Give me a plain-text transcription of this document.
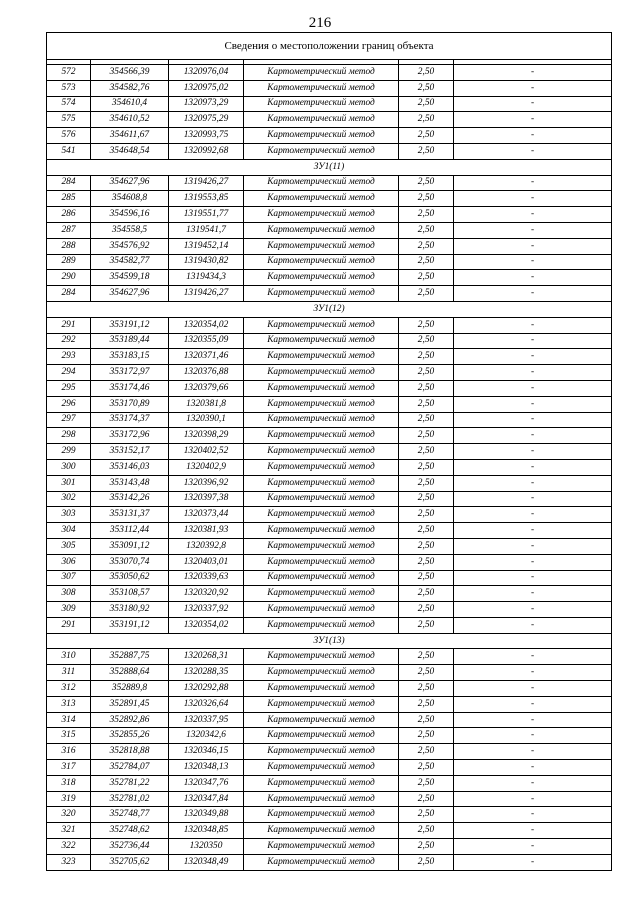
216
Сведения о местоположении границ объекта					

572	354566,39	1320976,04	Картометрический метод	2,50	-
573	354582,76	1320975,02	Картометрический метод	2,50	-
574	354610,4	1320973,29	Картометрический метод	2,50	-
575	354610,52	1320975,29	Картометрический метод	2,50	-
576	354611,67	1320993,75	Картометрический метод	2,50	-
541	354648,54	1320992,68	Картометрический метод	2,50	-
ЗУ1(11)					
284	354627,96	1319426,27	Картометрический метод	2,50	-
285	354608,8	1319553,85	Картометрический метод	2,50	-
286	354596,16	1319551,77	Картометрический метод	2,50	-
287	354558,5	1319541,7	Картометрический метод	2,50	-
288	354576,92	1319452,14	Картометрический метод	2,50	-
289	354582,77	1319430,82	Картометрический метод	2,50	-
290	354599,18	1319434,3	Картометрический метод	2,50	-
284	354627,96	1319426,27	Картометрический метод	2,50	-
ЗУ1(12)					
291	353191,12	1320354,02	Картометрический метод	2,50	-
292	353189,44	1320355,09	Картометрический метод	2,50	-
293	353183,15	1320371,46	Картометрический метод	2,50	-
294	353172,97	1320376,88	Картометрический метод	2,50	-
295	353174,46	1320379,66	Картометрический метод	2,50	-
296	353170,89	1320381,8	Картометрический метод	2,50	-
297	353174,37	1320390,1	Картометрический метод	2,50	-
298	353172,96	1320398,29	Картометрический метод	2,50	-
299	353152,17	1320402,52	Картометрический метод	2,50	-
300	353146,03	1320402,9	Картометрический метод	2,50	-
301	353143,48	1320396,92	Картометрический метод	2,50	-
302	353142,26	1320397,38	Картометрический метод	2,50	-
303	353131,37	1320373,44	Картометрический метод	2,50	-
304	353112,44	1320381,93	Картометрический метод	2,50	-
305	353091,12	1320392,8	Картометрический метод	2,50	-
306	353070,74	1320403,01	Картометрический метод	2,50	-
307	353050,62	1320339,63	Картометрический метод	2,50	-
308	353108,57	1320320,92	Картометрический метод	2,50	-
309	353180,92	1320337,92	Картометрический метод	2,50	-
291	353191,12	1320354,02	Картометрический метод	2,50	-
ЗУ1(13)					
310	352887,75	1320268,31	Картометрический метод	2,50	-
311	352888,64	1320288,35	Картометрический метод	2,50	-
312	352889,8	1320292,88	Картометрический метод	2,50	-
313	352891,45	1320326,64	Картометрический метод	2,50	-
314	352892,86	1320337,95	Картометрический метод	2,50	-
315	352855,26	1320342,6	Картометрический метод	2,50	-
316	352818,88	1320346,15	Картометрический метод	2,50	-
317	352784,07	1320348,13	Картометрический метод	2,50	-
318	352781,22	1320347,76	Картометрический метод	2,50	-
319	352781,02	1320347,84	Картометрический метод	2,50	-
320	352748,77	1320349,88	Картометрический метод	2,50	-
321	352748,62	1320348,85	Картометрический метод	2,50	-
322	352736,44	1320350	Картометрический метод	2,50	-
323	352705,62	1320348,49	Картометрический метод	2,50	-
